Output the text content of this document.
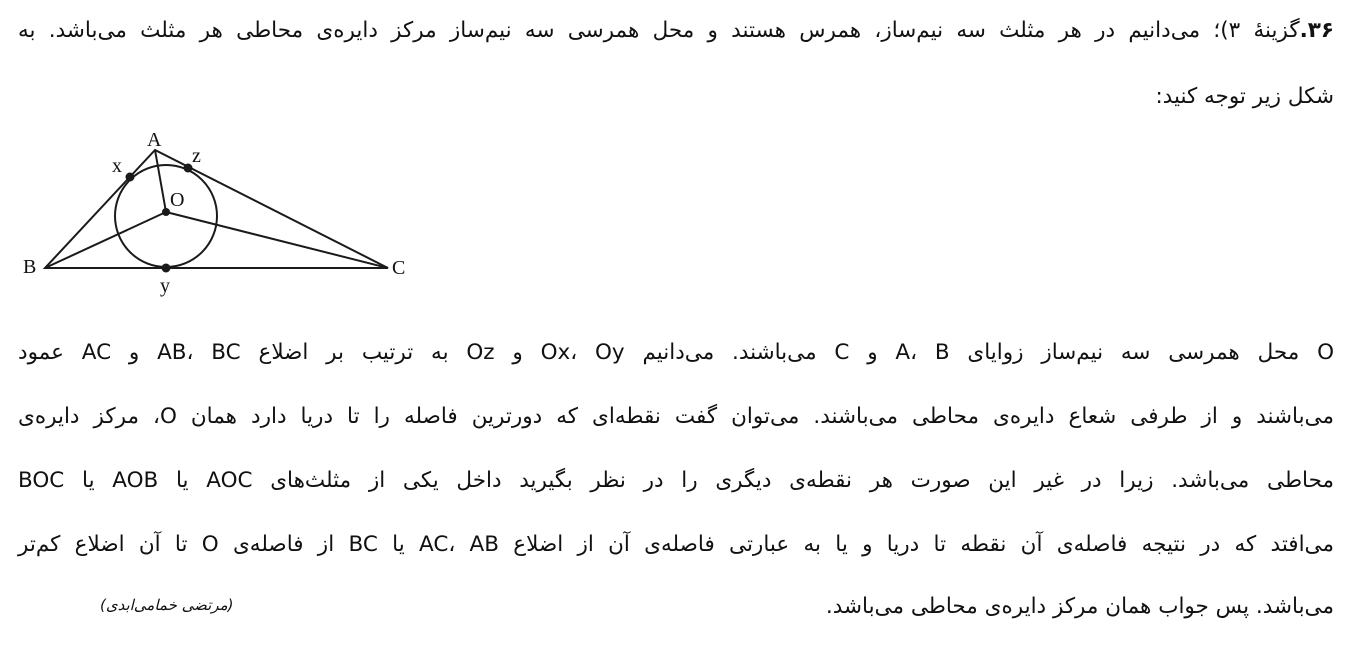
۳۶.گزینهٔ ۳)؛ می‌دانیم در هر مثلث سه نیم‌ساز، همرس هستند و محل همرسی سه نیم‌ساز مرکز دایره‌ی محاطی هر مثلث می‌باشد. به
شکل زیر توجه کنید:
A
B	C
O
x	z
y
O محل همرسی سه نیم‌ساز زوایای A، B و C می‌باشند. می‌دانیم Ox، Oy و Oz به ترتیب بر اضلاع AB، BC و AC عمود
می‌باشند و از طرفی شعاع دایره‌ی محاطی می‌باشند. می‌توان گفت نقطه‌ای که دورترین فاصله را تا دریا دارد همان O، مرکز دایره‌ی
محاطی می‌باشد. زیرا در غیر این صورت هر نقطه‌ی دیگری را در نظر بگیرید داخل یکی از مثلث‌های AOC یا AOB یا BOC
می‌افتد که در نتیجه فاصله‌ی آن نقطه تا دریا و یا به عبارتی فاصله‌ی آن از اضلاع AC، AB یا BC از فاصله‌ی O تا آن اضلاع کم‌تر
می‌باشد. پس جواب همان مرکز دایره‌ی محاطی می‌باشد.
(مرتضی خمامی‌ابدی)
